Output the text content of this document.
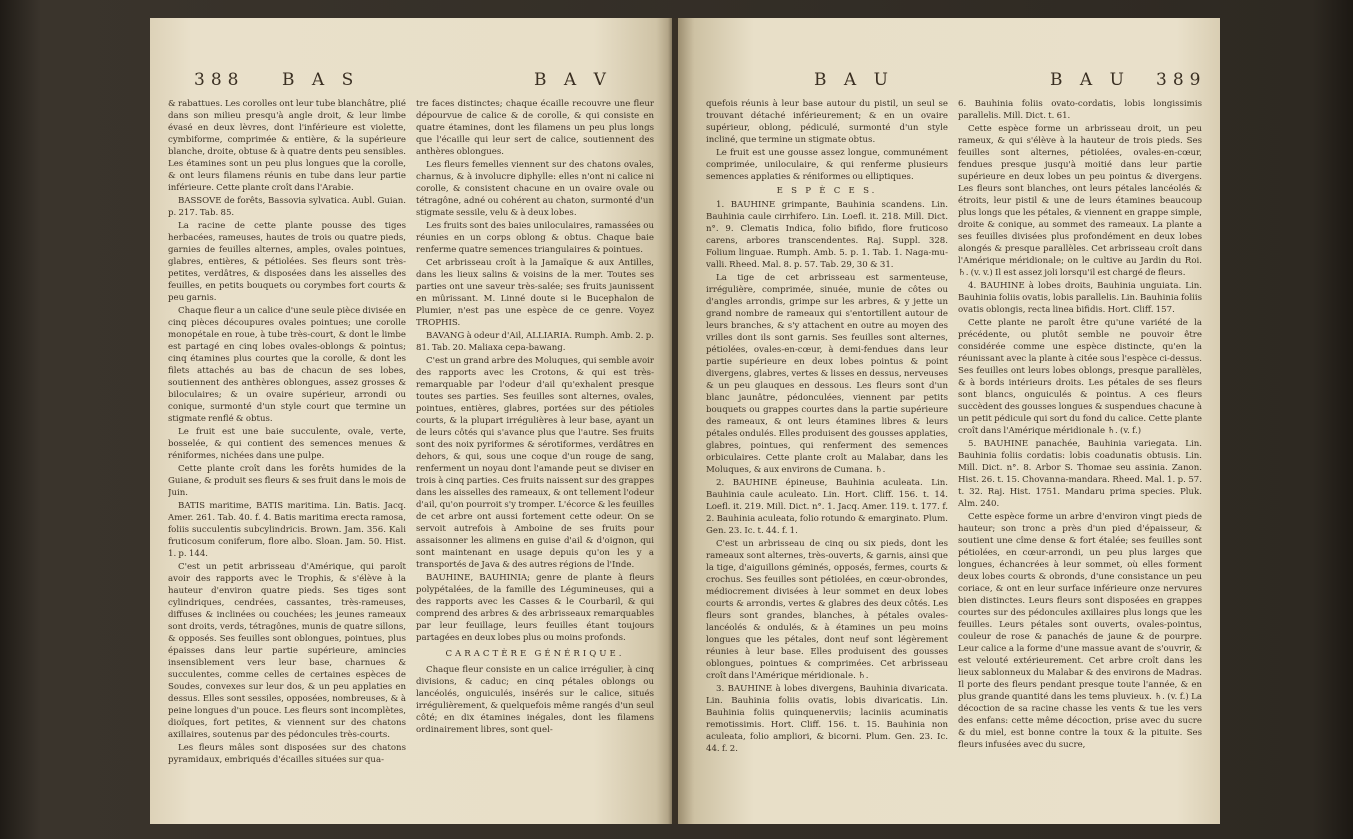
388 B A S	B A V

& rabattues. Les corolles ont leur tube blanchâtre, plié dans son milieu presqu'à angle droit, & leur limbe évasé en deux lèvres, dont l'inférieure est violette, cymbiforme, comprimée & entière, & la supérieure blanche, droite, obtuse & à quatre dents peu sensibles. Les étamines sont un peu plus longues que la corolle, & ont leurs filamens réunis en tube dans leur partie inférieure. Cette plante croît dans l'Arabie.

BASSOVE de forêts, Bassovia sylvatica. Aubl. Guian. p. 217. Tab. 85.

La racine de cette plante pousse des tiges herbacées, rameuses, hautes de trois ou quatre pieds, garnies de feuilles alternes, amples, ovales pointues, glabres, entières, & pétiolées. Ses fleurs sont très-petites, verdâtres, & disposées dans les aisselles des feuilles, en petits bouquets ou corymbes fort courts & peu garnis.

Chaque fleur a un calice d'une seule pièce divisée en cinq pièces découpures ovales pointues; une corolle monopétale en roue, à tube très-court, & dont le limbe est partagé en cinq lobes ovales-oblongs & pointus; cinq étamines plus courtes que la corolle, & dont les filets attachés au bas de chacun de ses lobes, soutiennent des anthères oblongues, assez grosses & biloculaires; & un ovaire supérieur, arrondi ou conique, surmonté d'un style court que termine un stigmate renflé & obtus.

Le fruit est une baie succulente, ovale, verte, bosselée, & qui contient des semences menues & réniformes, nichées dans une pulpe.

Cette plante croît dans les forêts humides de la Guiane, & produit ses fleurs & ses fruit dans le mois de Juin.

BATIS maritime, BATIS maritima. Lin. Batis. Jacq. Amer. 261. Tab. 40. f. 4. Batis maritima erecta ramosa, foliis succulentis subcylindricis. Brown. Jam. 356. Kali fruticosum coniferum, flore albo. Sloan. Jam. 50. Hist. 1. p. 144.

C'est un petit arbrisseau d'Amérique, qui paroît avoir des rapports avec le Trophis, & s'élève à la hauteur d'environ quatre pieds. Ses tiges sont cylindriques, cendrées, cassantes, très-rameuses, diffuses & inclinées ou couchées; les jeunes rameaux sont droits, verds, tétragônes, munis de quatre sillons, & opposés. Ses feuilles sont oblongues, pointues, plus épaisses dans leur partie supérieure, amincies insensiblement vers leur base, charnues & succulentes, comme celles de certaines espèces de Soudes, convexes sur leur dos, & un peu applaties en dessus. Elles sont sessiles, opposées, nombreuses, & à peine longues d'un pouce. Les fleurs sont incomplètes, dioïques, fort petites, & viennent sur des chatons axillaires, soutenus par des pédoncules très-courts.

Les fleurs mâles sont disposées sur des chatons pyramidaux, embriqués d'écailles situées sur qua-

tre faces distinctes; chaque écaille recouvre une fleur dépourvue de calice & de corolle, & qui consiste en quatre étamines, dont les filamens un peu plus longs que l'écaille qui leur sert de calice, soutiennent des anthères oblongues.

Les fleurs femelles viennent sur des chatons ovales, charnus, & à involucre diphylle: elles n'ont ni calice ni corolle, & consistent chacune en un ovaire ovale ou tétragône, adné ou cohérent au chaton, surmonté d'un stigmate sessile, velu & à deux lobes.

Les fruits sont des baies uniloculaires, ramassées ou réunies en un corps oblong & obtus. Chaque baie renferme quatre semences triangulaires & pointues.

Cet arbrisseau croît à la Jamaïque & aux Antilles, dans les lieux salins & voisins de la mer. Toutes ses parties ont une saveur très-salée; ses fruits jaunissent en mûrissant. M. Linné doute si le Bucephalon de Plumier, n'est pas une espèce de ce genre. Voyez TROPHIS.

BAVANG à odeur d'Ail, ALLIARIA. Rumph. Amb. 2. p. 81. Tab. 20. Maliaxa cepa-bawang.

C'est un grand arbre des Moluques, qui semble avoir des rapports avec les Crotons, & qui est très-remarquable par l'odeur d'ail qu'exhalent presque toutes ses parties. Ses feuilles sont alternes, ovales, pointues, entières, glabres, portées sur des pétioles courts, & la plupart irrégulières à leur base, ayant un de leurs côtés qui s'avance plus que l'autre. Ses fruits sont des noix pyriformes & sérotiformes, verdâtres en dehors, & qui, sous une coque d'un rouge de sang, renferment un noyau dont l'amande peut se diviser en trois à cinq parties. Ces fruits naissent sur des grappes dans les aisselles des rameaux, & ont tellement l'odeur d'ail, qu'on pourroit s'y tromper. L'écorce & les feuilles de cet arbre ont aussi fortement cette odeur. On se servoit autrefois à Amboine de ses fruits pour assaisonner les alimens en guise d'ail & d'oignon, qui sont maintenant en usage depuis qu'on les y a transportés de Java & des autres régions de l'Inde.

BAUHINE, BAUHINIA; genre de plante à fleurs polypétalées, de la famille des Légumineuses, qui a des rapports avec les Casses & le Courbaril, & qui comprend des arbres & des arbrisseaux remarquables par leur feuillage, leurs feuilles étant toujours partagées en deux lobes plus ou moins profonds.

CARACTÈRE GÉNÉRIQUE.

Chaque fleur consiste en un calice irrégulier, à cinq divisions, & caduc; en cinq pétales oblongs ou lancéolés, onguiculés, insérés sur le calice, situés irrégulièrement, & quelquefois même rangés d'un seul côté; en dix étamines inégales, dont les filamens ordinairement libres, sont quel-

B A U	B A U 389

quefois réunis à leur base autour du pistil, un seul se trouvant détaché inférieurement; & en un ovaire supérieur, oblong, pédiculé, surmonté d'un style incliné, que termine un stigmate obtus.

Le fruit est une gousse assez longue, communément comprimée, uniloculaire, & qui renferme plusieurs semences applaties & réniformes ou elliptiques.

E S P È C E S.

1. BAUHINE grimpante, Bauhinia scandens. Lin. Bauhinia caule cirrhifero. Lin. Loefl. it. 218. Mill. Dict. n°. 9. Clematis Indica, folio bifido, flore fruticoso carens, arbores transcendentes. Raj. Suppl. 328. Folium linguae. Rumph. Amb. 5. p. 1. Tab. 1. Naga-mu-valli. Rheed. Mal. 8. p. 57. Tab. 29, 30 & 31.

La tige de cet arbrisseau est sarmenteuse, irrégulière, comprimée, sinuée, munie de côtes ou d'angles arrondis, grimpe sur les arbres, & y jette un grand nombre de rameaux qui s'entortillent autour de leurs branches, & s'y attachent en outre au moyen des vrilles dont ils sont garnis. Ses feuilles sont alternes, pétiolées, ovales-en-cœur, à demi-fendues dans leur partie supérieure en deux lobes pointus & point divergens, glabres, vertes & lisses en dessus, nerveuses & un peu glauques en dessous. Les fleurs sont d'un blanc jaunâtre, pédonculées, viennent par petits bouquets ou grappes courtes dans la partie supérieure des rameaux, & ont leurs étamines libres & leurs pétales ondulés. Elles produisent des gousses applaties, glabres, pointues, qui renferment des semences orbiculaires. Cette plante croît au Malabar, dans les Moluques, & aux environs de Cumana. ♄.

2. BAUHINE épineuse, Bauhinia aculeata. Lin. Bauhinia caule aculeato. Lin. Hort. Cliff. 156. t. 14. Loefl. it. 219. Mill. Dict. n°. 1. Jacq. Amer. 119. t. 177. f. 2. Bauhinia aculeata, folio rotundo & emarginato. Plum. Gen. 23. Ic. t. 44. f. 1.

C'est un arbrisseau de cinq ou six pieds, dont les rameaux sont alternes, très-ouverts, & garnis, ainsi que la tige, d'aiguillons géminés, opposés, fermes, courts & crochus. Ses feuilles sont pétiolées, en cœur-obrondes, médiocrement divisées à leur sommet en deux lobes courts & arrondis, vertes & glabres des deux côtés. Les fleurs sont grandes, blanches, à pétales ovales-lancéolés & ondulés, & à étamines un peu moins longues que les pétales, dont neuf sont légèrement réunies à leur base. Elles produisent des gousses oblongues, pointues & comprimées. Cet arbrisseau croît dans l'Amérique méridionale. ♄.

3. BAUHINE à lobes divergens, Bauhinia divaricata. Lin. Bauhinia foliis ovatis, lobis divaricatis. Lin. Bauhinia foliis quinquenerviis; laciniis acuminatis remotissimis. Hort. Cliff. 156. t. 15. Bauhinia non aculeata, folio ampliori, & bicorni. Plum. Gen. 23. Ic. 44. f. 2.

6. Bauhinia foliis ovato-cordatis, lobis longissimis parallelis. Mill. Dict. t. 61.

Cette espèce forme un arbrisseau droit, un peu rameux, & qui s'élève à la hauteur de trois pieds. Ses feuilles sont alternes, pétiolées, ovales-en-cœur, fendues presque jusqu'à moitié dans leur partie supérieure en deux lobes un peu pointus & divergens. Les fleurs sont blanches, ont leurs pétales lancéolés & étroits, leur pistil & une de leurs étamines beaucoup plus longs que les pétales, & viennent en grappe simple, droite & conique, au sommet des rameaux. La plante a ses feuilles divisées plus profondément en deux lobes alongés & presque parallèles. Cet arbrisseau croît dans l'Amérique méridionale; on le cultive au Jardin du Roi. ♄. (v. v.) Il est assez joli lorsqu'il est chargé de fleurs.

4. BAUHINE à lobes droits, Bauhinia unguiata. Lin. Bauhinia foliis ovatis, lobis parallelis. Lin. Bauhinia foliis ovatis oblongis, recta linea bifidis. Hort. Cliff. 157.

Cette plante ne paroît être qu'une variété de la précédente, ou plutôt semble ne pouvoir être considérée comme une espèce distincte, qu'en la réunissant avec la plante à citée sous l'espèce ci-dessus. Ses feuilles ont leurs lobes oblongs, presque parallèles, & à bords intérieurs droits. Les pétales de ses fleurs sont blancs, onguiculés & pointus. A ces fleurs succèdent des gousses longues & suspendues chacune à un petit pédicule qui sort du fond du calice. Cette plante croît dans l'Amérique méridionale ♄. (v. f.)

5. BAUHINE panachée, Bauhinia variegata. Lin. Bauhinia foliis cordatis: lobis coadunatis obtusis. Lin. Mill. Dict. n°. 8. Arbor S. Thomae seu assinia. Zanon. Hist. 26. t. 15. Chovanna-mandara. Rheed. Mal. 1. p. 57. t. 32. Raj. Hist. 1751. Mandaru prima species. Pluk. Alm. 240.

Cette espèce forme un arbre d'environ vingt pieds de hauteur; son tronc a près d'un pied d'épaisseur, & soutient une cîme dense & fort étalée; ses feuilles sont pétiolées, en cœur-arrondi, un peu plus larges que longues, échancrées à leur sommet, où elles forment deux lobes courts & obronds, d'une consistance un peu coriace, & ont en leur surface inférieure onze nervures bien distinctes. Leurs fleurs sont disposées en grappes courtes sur des pédoncules axillaires plus longs que les feuilles. Leurs pétales sont ouverts, ovales-pointus, couleur de rose & panachés de jaune & de pourpre. Leur calice a la forme d'une massue avant de s'ouvrir, & est velouté extérieurement. Cet arbre croît dans les lieux sablonneux du Malabar & des environs de Madras. Il porte des fleurs pendant presque toute l'année, & en plus grande quantité dans les tems pluvieux. ♄. (v. f.) La décoction de sa racine chasse les vents & tue les vers des enfans: cette même décoction, prise avec du sucre & du miel, est bonne contre la toux & la pituite. Ses fleurs infusées avec du sucre,
